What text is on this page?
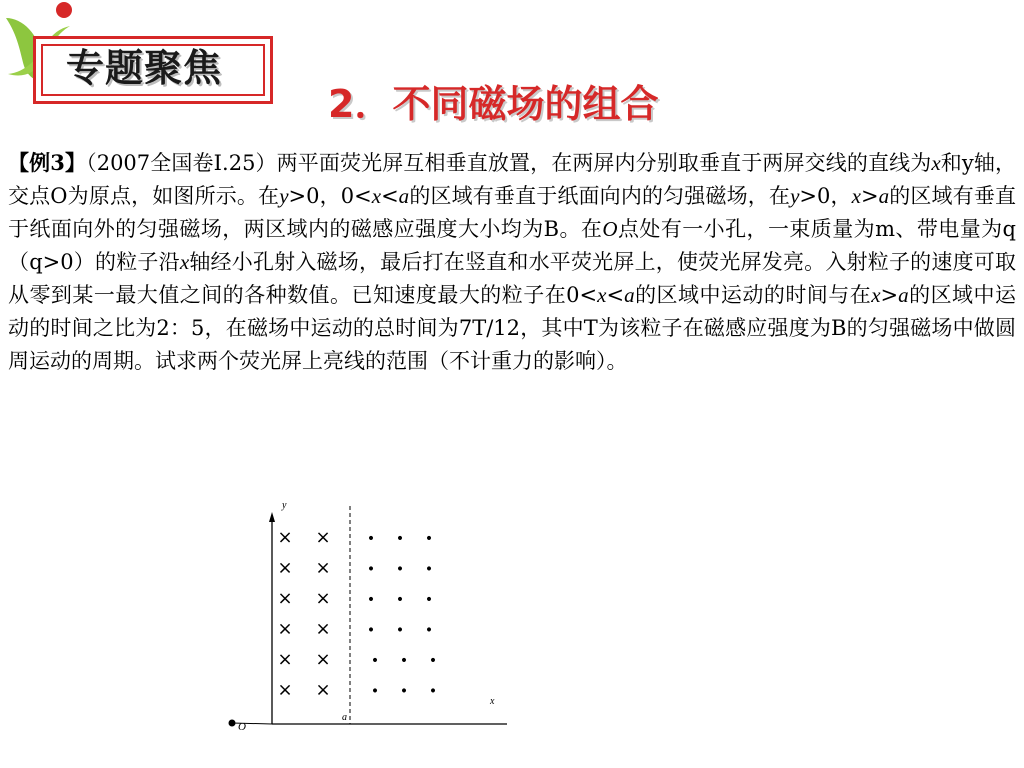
专题聚焦
2．不同磁场的组合
【例3】（2007全国卷Ⅰ.25）两平面荧光屏互相垂直放置，在两屏内分别取垂直于两屏交线的直线为x和y轴，交点O为原点，如图所示。在y>0，0<x<a的区域有垂直于纸面向内的匀强磁场，在y>0，x>a的区域有垂直于纸面向外的匀强磁场，两区域内的磁感应强度大小均为B。在O点处有一小孔，一束质量为m、带电量为q（q>0）的粒子沿x轴经小孔射入磁场，最后打在竖直和水平荧光屏上，使荧光屏发亮。入射粒子的速度可取从零到某一最大值之间的各种数值。已知速度最大的粒子在0<x<a的区域中运动的时间与在x>a的区域中运动的时间之比为2：5，在磁场中运动的总时间为7T/12，其中T为该粒子在磁感应强度为B的匀强磁场中做圆周运动的周期。试求两个荧光屏上亮线的范围（不计重力的影响）。
y
x
a
O
× ×	• • •
× ×	• • •
× ×	• • •
× ×	• • •
× ×	• • •
× ×	• • •
